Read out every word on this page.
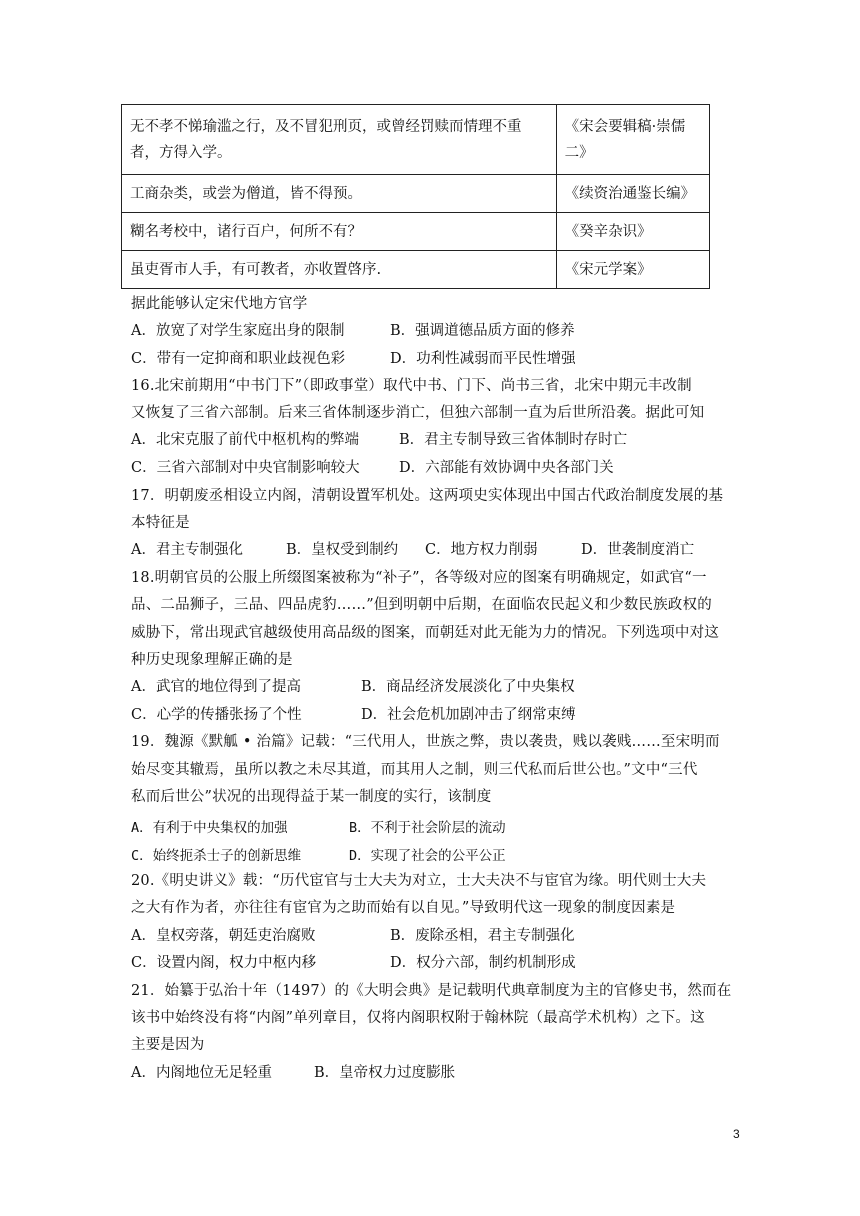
无不孝不悌瑜滥之行，及不冒犯刑页，或曾经罚赎而情理不重者，方得入学。	《宋会要辑稿·崇儒二》
工商杂类，或尝为僧道，皆不得预。	《续资治通鉴长编》
糊名考校中，诸行百户，何所不有？	《癸辛杂识》
虽吏胥市人手，有可教者，亦收置啓序.	《宋元学案》
据此能够认定宋代地方官学
A．放宽了对学生家庭出身的限制	B．强调道德品质方面的修养
C．带有一定抑商和职业歧视色彩	D．功利性减弱而平民性增强
16.北宋前期用“中书门下”（即政事堂）取代中书、门下、尚书三省，北宋中期元丰改制
又恢复了三省六部制。后来三省体制逐步消亡，但独六部制一直为后世所沿袭。据此可知
A．北宋克服了前代中枢机构的弊端	B．君主专制导致三省体制时存时亡
C．三省六部制对中央官制影响较大	D．六部能有效协调中央各部门关
17．明朝废丞相设立内阁，清朝设置军机处。这两项史实体现出中国古代政治制度发展的基
本特征是
A．君主专制强化	B．皇权受到制约 C．地方权力削弱	D．世袭制度消亡
18.明朝官员的公服上所缀图案被称为“补子”，各等级对应的图案有明确规定，如武官“一
品、二品狮子，三品、四品虎豹……”但到明朝中后期，在面临农民起义和少数民族政权的
威胁下，常出现武官越级使用高品级的图案，而朝廷对此无能为力的情况。下列选项中对这
种历史现象理解正确的是
A．武官的地位得到了提高	B．商品经济发展淡化了中央集权
C．心学的传播张扬了个性	D．社会危机加剧冲击了纲常束缚
19．魏源《默觚 • 治篇》记载：“三代用人，世族之弊，贵以袭贵，贱以袭贱……至宋明而
始尽变其辙焉，虽所以教之未尽其道，而其用人之制，则三代私而后世公也。”文中“三代
私而后世公”状况的出现得益于某一制度的实行，该制度
A．有利于中央集权的加强	B．不利于社会阶层的流动
C．始终扼杀士子的创新思维	D．实现了社会的公平公正
20.《明史讲义》载：“历代宦官与士大夫为对立，士大夫决不与宦官为缘。明代则士大夫
之大有作为者，亦往往有宦官为之助而始有以自见。”导致明代这一现象的制度因素是
A．皇权旁落，朝廷吏治腐败	B．废除丞相，君主专制强化
C．设置内阁，权力中枢内移	D．权分六部，制约机制形成
21．始纂于弘治十年（1497）的《大明会典》是记载明代典章制度为主的官修史书，然而在
该书中始终没有将“内阁”单列章目，仅将内阁职权附于翰林院（最高学术机构）之下。这
主要是因为
A．内阁地位无足轻重	B．皇帝权力过度膨胀
3
